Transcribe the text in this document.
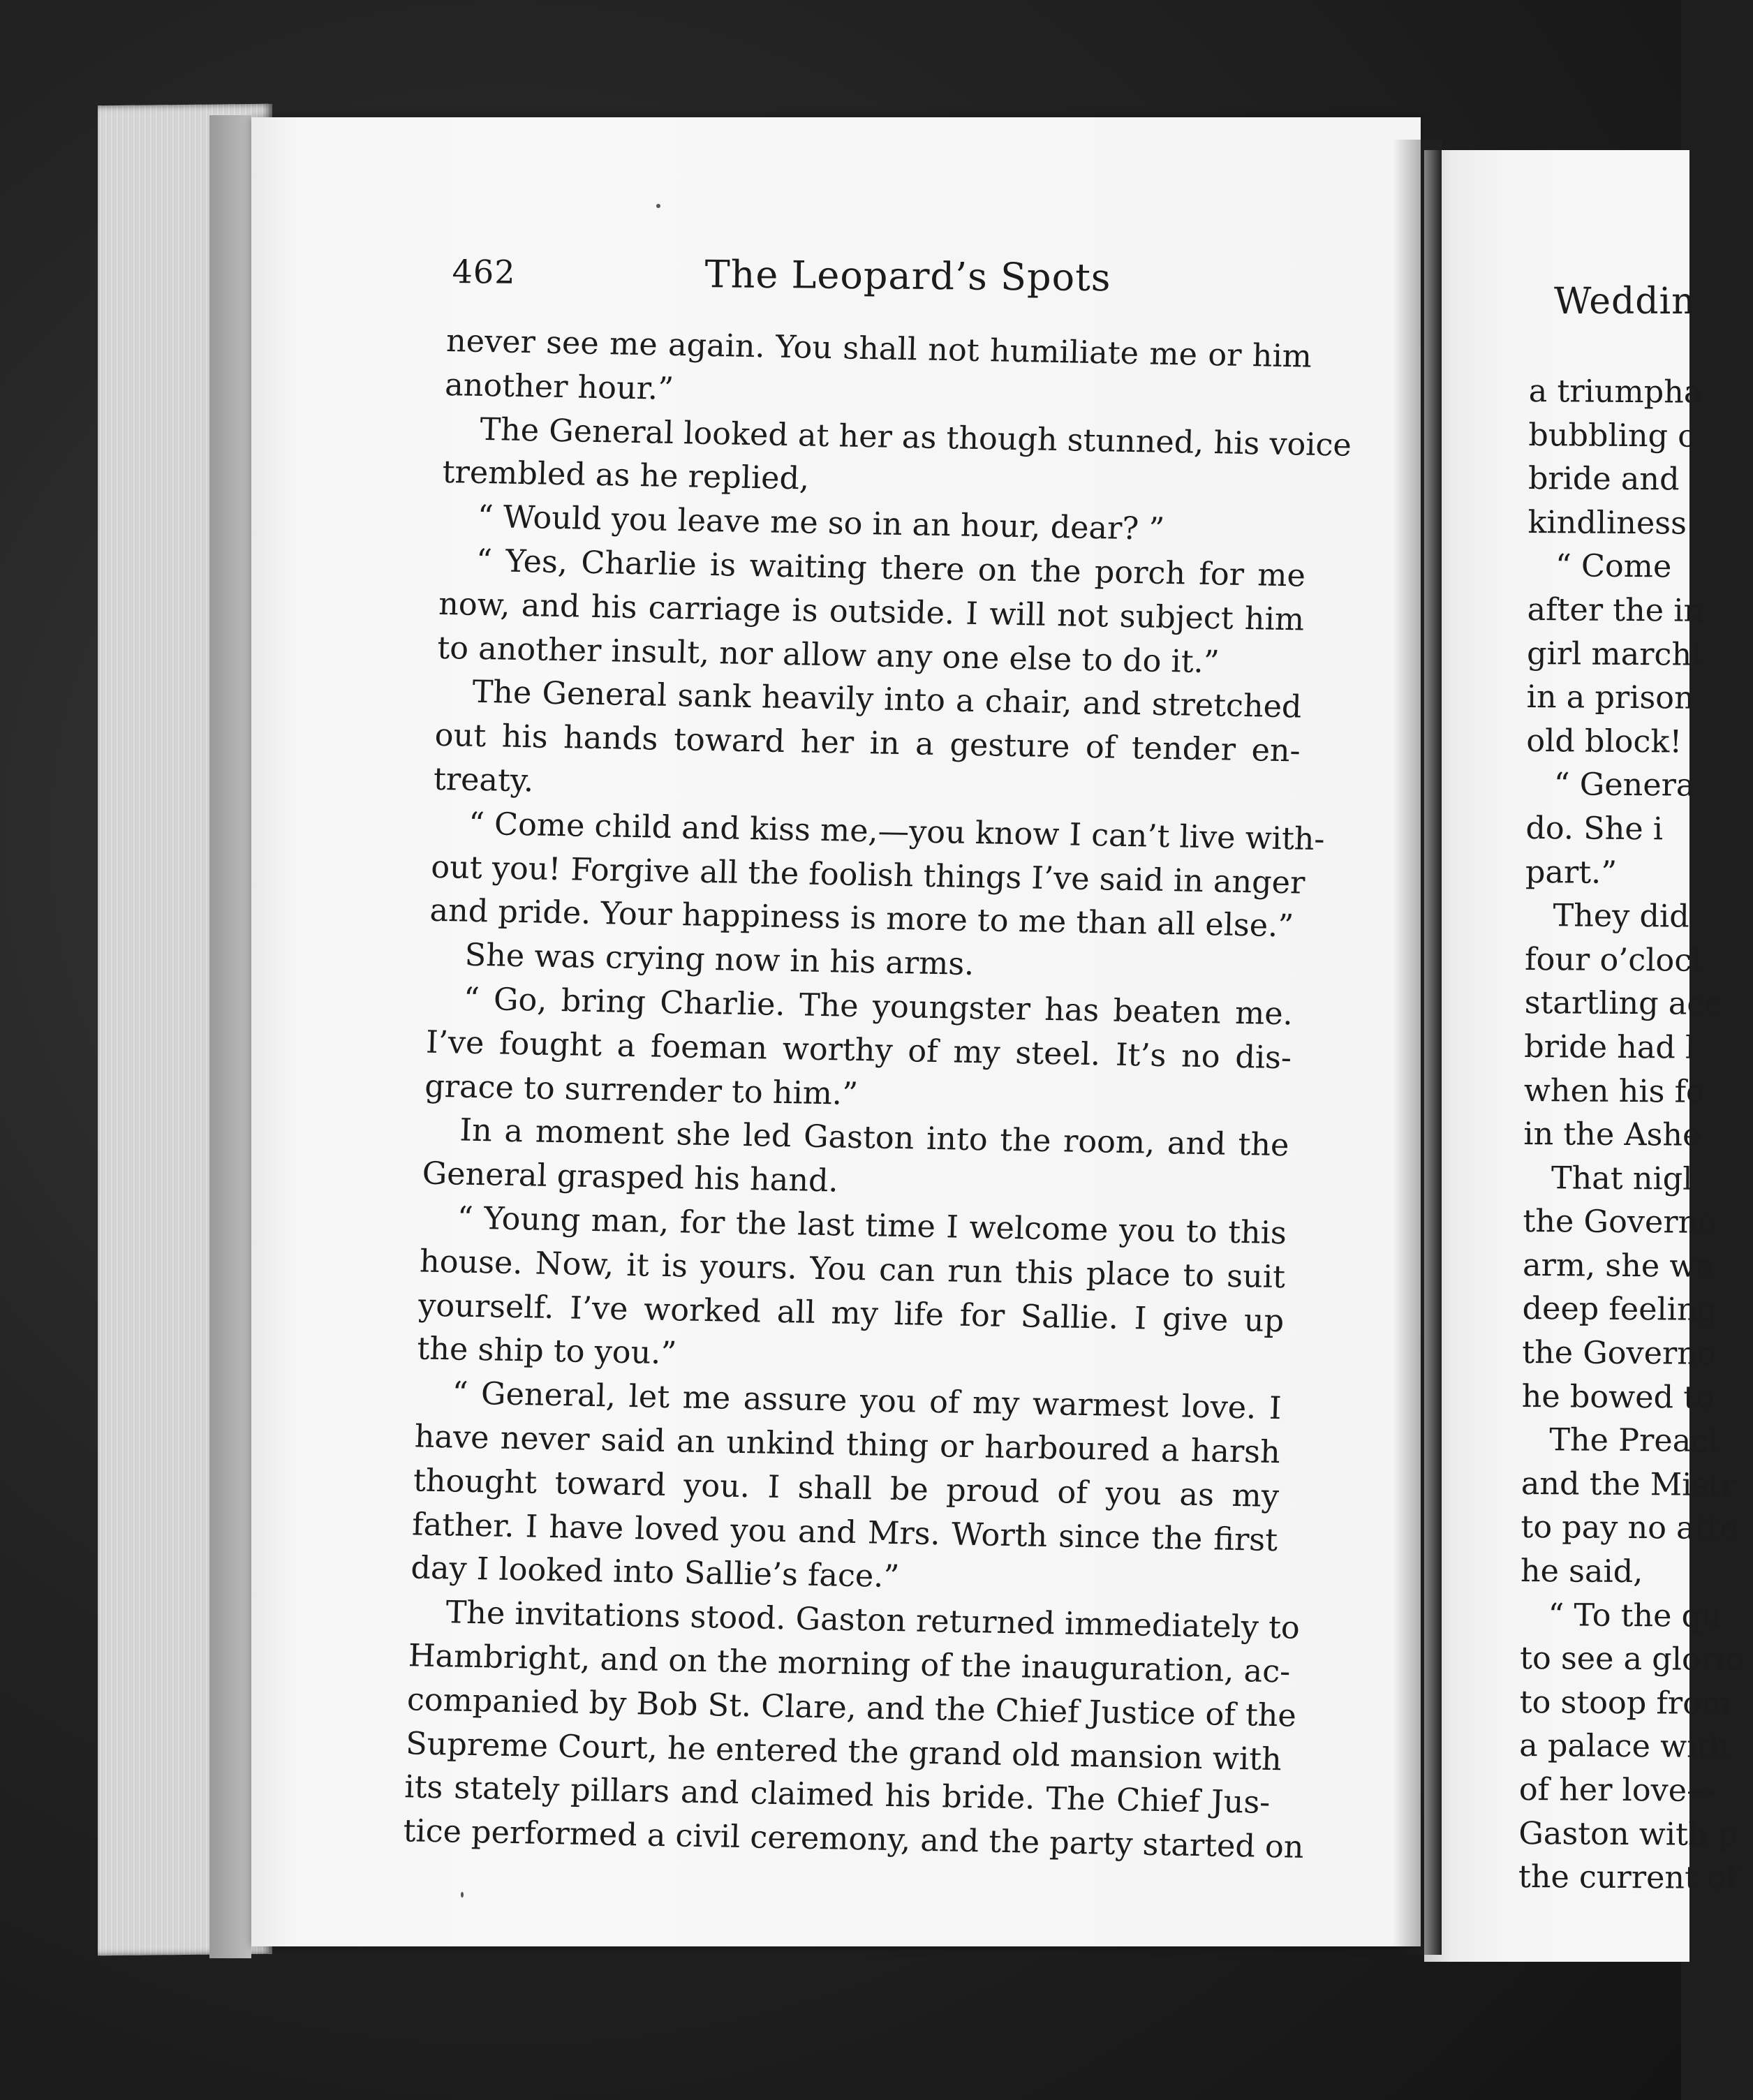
462	The Leopard’s Spots
never see me again. You shall not humiliate me or him
another hour.”
The General looked at her as though stunned, his voice
trembled as he replied,
“ Would you leave me so in an hour, dear? ”
“ Yes, Charlie is waiting there on the porch for me
now, and his carriage is outside. I will not subject him
to another insult, nor allow any one else to do it.”
The General sank heavily into a chair, and stretched
out his hands toward her in a gesture of tender en-
treaty.
“ Come child and kiss me,—you know I can’t live with-
out you! Forgive all the foolish things I’ve said in anger
and pride. Your happiness is more to me than all else.”
She was crying now in his arms.
“ Go, bring Charlie. The youngster has beaten me.
I’ve fought a foeman worthy of my steel. It’s no dis-
grace to surrender to him.”
In a moment she led Gaston into the room, and the
General grasped his hand.
“ Young man, for the last time I welcome you to this
house. Now, it is yours. You can run this place to suit
yourself. I’ve worked all my life for Sallie. I give up
the ship to you.”
“ General, let me assure you of my warmest love. I
have never said an unkind thing or harboured a harsh
thought toward you. I shall be proud of you as my
father. I have loved you and Mrs. Worth since the first
day I looked into Sallie’s face.”
The invitations stood. Gaston returned immediately to
Hambright, and on the morning of the inauguration, ac-
companied by Bob St. Clare, and the Chief Justice of the
Supreme Court, he entered the grand old mansion with
its stately pillars and claimed his bride. The Chief Jus-
tice performed a civil ceremony, and the party started on
Weddin
a triumpha
bubbling c
bride and
kindliness
“ Come
after the in
girl marchi
in a prison
old block!
“ Genera
do. She i
part.”
They did
four o’clocl
startling acc
bride had l
when his fo
in the Ashe
That nigl
the Governo
arm, she wa
deep feeling
the Governo
he bowed to
The Preacl
and the Mistr
to pay no atte
he said,
“ To the qu
to see a glorio
to stoop from
a palace with
of her love—
Gaston with p
the current of
